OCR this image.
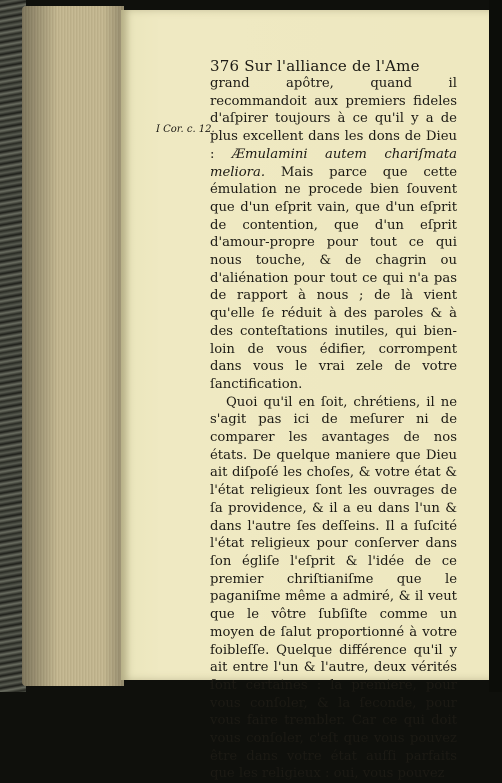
376 Sur l'alliance de l'Ame
I Cor. c. 12.

grand apôtre, quand il recommandoit aux premiers fideles d'aſpirer toujours à ce qu'il y a de plus excellent dans les dons de Dieu : Æmulamini autem chariſmata meliora. Mais parce que cette émulation ne procede bien ſouvent que d'un eſprit vain, que d'un eſprit de contention, que d'un eſprit d'amour-propre pour tout ce qui nous touche, & de chagrin ou d'aliénation pour tout ce qui n'a pas de rapport à nous ; de là vient qu'elle ſe réduit à des paroles & à des conteſtations inutiles, qui bien-loin de vous édifier, corrompent dans vous le vrai zele de votre ſanctification.

Quoi qu'il en ſoit, chrétiens, il ne s'agit pas ici de meſurer ni de comparer les avantages de nos états. De quelque maniere que Dieu ait diſpoſé les choſes, & votre état & l'état religieux ſont les ouvrages de ſa providence, & il a eu dans l'un & dans l'autre ſes deſſeins. Il a ſuſcité l'état religieux pour conſerver dans ſon égliſe l'eſprit & l'idée de ce premier chriſtianiſme que le paganiſme même a admiré, & il veut que le vôtre ſubſiſte comme un moyen de ſalut proportionné à votre foibleſſe. Quelque différence qu'il y ait entre l'un & l'autre, deux vérités ſont certaines : la premiere, pour vous conſoler, & la ſeconde, pour vous faire trembler. Car ce qui doit vous conſoler, c'eſt que vous pouvez être dans votre état auſſi parfaits que les religieux : oui, vous pouvez
